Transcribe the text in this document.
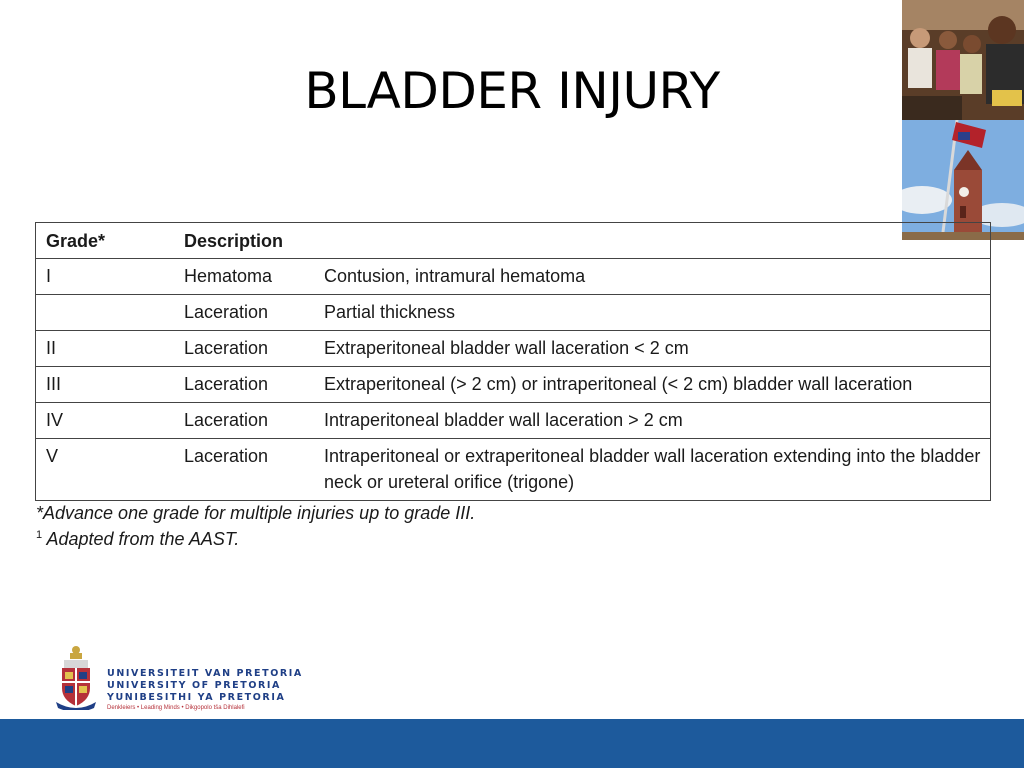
BLADDER INJURY
Grade*	Description	
I	Hematoma	Contusion, intramural hematoma
	Laceration	Partial thickness
II	Laceration	Extraperitoneal bladder wall laceration < 2 cm
III	Laceration	Extraperitoneal (> 2 cm) or intraperitoneal (< 2 cm) bladder wall laceration
IV	Laceration	Intraperitoneal bladder wall laceration > 2 cm
V	Laceration	Intraperitoneal or extraperitoneal bladder wall laceration extending into the bladder neck or ureteral orifice (trigone)
*Advance one grade for multiple injuries up to grade III.
$^1$ Adapted from the AAST.
UNIVERSITEIT VAN PRETORIA
UNIVERSITY OF PRETORIA
YUNIBESITHI YA PRETORIA
Denkleiers • Leading Minds • Dikgopolo tša Dihlalefi
